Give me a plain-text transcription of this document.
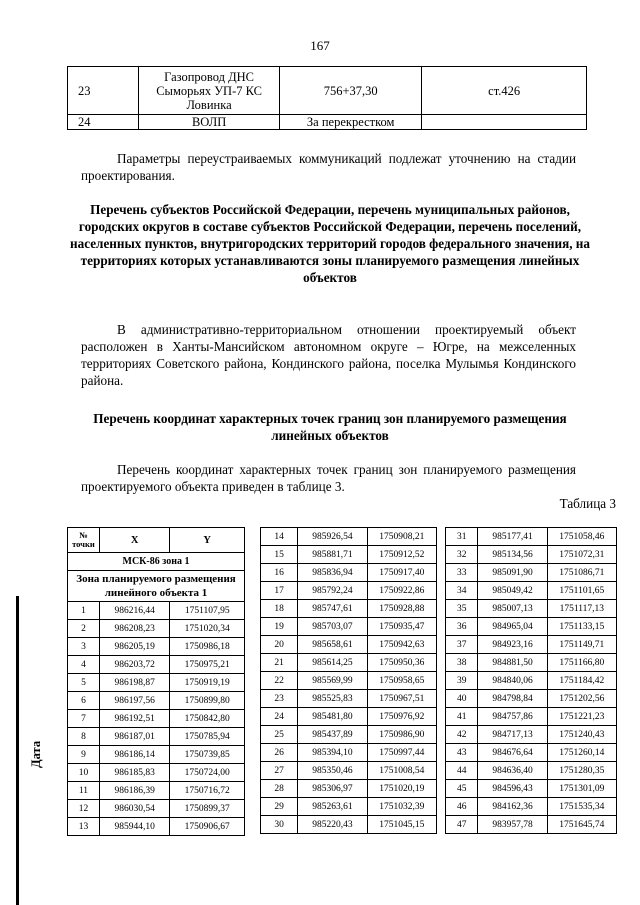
167
23	Газопровод ДНС Сыморьях УП-7 КС Ловинка	756+37,30	ст.426
24	ВОЛП	За перекрестком	
Параметры переустраиваемых коммуникаций подлежат уточнению на стадии проектирования.
Перечень субъектов Российской Федерации, перечень муниципальных районов, городских округов в составе субъектов Российской Федерации, перечень поселений, населенных пунктов, внутригородских территорий городов федерального значения, на территориях которых устанавливаются зоны планируемого размещения линейных объектов
В административно-территориальном отношении проектируемый объект расположен в Ханты-Мансийском автономном округе – Югре, на межселенных территориях Советского района, Кондинского района, поселка Мулымья Кондинского района.
Перечень координат характерных точек границ зон планируемого размещения линейных объектов
Перечень координат характерных точек границ зон планируемого размещения проектируемого объекта приведен в таблице 3.
Таблица 3
№ точки	X	Y
МСК-86 зона 1		
Зона планируемого размещения линейного объекта 1		
1	986216,44	1751107,95
2	986208,23	1751020,34
3	986205,19	1750986,18
4	986203,72	1750975,21
5	986198,87	1750919,19
6	986197,56	1750899,80
7	986192,51	1750842,80
8	986187,01	1750785,94
9	986186,14	1750739,85
10	986185,83	1750724,00
11	986186,39	1750716,72
12	986030,54	1750899,37
13	985944,10	1750906,67
14	985926,54	1750908,21
15	985881,71	1750912,52
16	985836,94	1750917,40
17	985792,24	1750922,86
18	985747,61	1750928,88
19	985703,07	1750935,47
20	985658,61	1750942,63
21	985614,25	1750950,36
22	985569,99	1750958,65
23	985525,83	1750967,51
24	985481,80	1750976,92
25	985437,89	1750986,90
26	985394,10	1750997,44
27	985350,46	1751008,54
28	985306,97	1751020,19
29	985263,61	1751032,39
30	985220,43	1751045,15
31	985177,41	1751058,46
32	985134,56	1751072,31
33	985091,90	1751086,71
34	985049,42	1751101,65
35	985007,13	1751117,13
36	984965,04	1751133,15
37	984923,16	1751149,71
38	984881,50	1751166,80
39	984840,06	1751184,42
40	984798,84	1751202,56
41	984757,86	1751221,23
42	984717,13	1751240,43
43	984676,64	1751260,14
44	984636,40	1751280,35
45	984596,43	1751301,09
46	984162,36	1751535,34
47	983957,78	1751645,74
Дата
